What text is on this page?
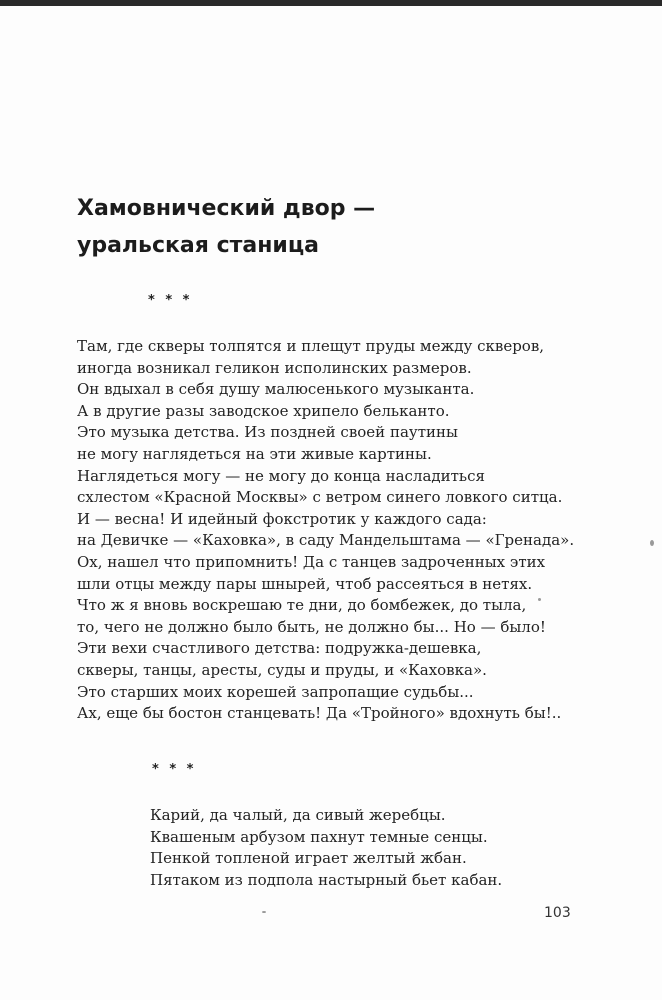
Хамовнический двор —
уральская станица
* * *
Там, где скверы толпятся и плещут пруды между скверов,
иногда возникал геликон исполинских размеров.
Он вдыхал в себя душу малюсенького музыканта.
А в другие разы заводское хрипело бельканто.
Это музыка детства. Из поздней своей паутины
не могу наглядеться на эти живые картины.
Наглядеться могу — не могу до конца насладиться
схлестом «Красной Москвы» с ветром синего ловкого ситца.
И — весна! И идейный фокстротик у каждого сада:
на Девичке — «Каховка», в саду Мандельштама — «Гренада».
Ох, нашел что припомнить! Да с танцев задроченных этих
шли отцы между пары шнырей, чтоб рассеяться в нетях.
Что ж я вновь воскрешаю те дни, до бомбежек, до тыла,
то, чего не должно было быть, не должно бы... Но — было!
Эти вехи счастливого детства: подружка-дешевка,
скверы, танцы, аресты, суды и пруды, и «Каховка».
Это старших моих корешей запропащие судьбы...
Ах, еще бы бостон станцевать! Да «Тройного» вдохнуть бы!..
* * *
Карий, да чалый, да сивый жеребцы.
Квашеным арбузом пахнут темные сенцы.
Пенкой топленой играет желтый жбан.
Пятаком из подпола настырный бьет кабан.
103
